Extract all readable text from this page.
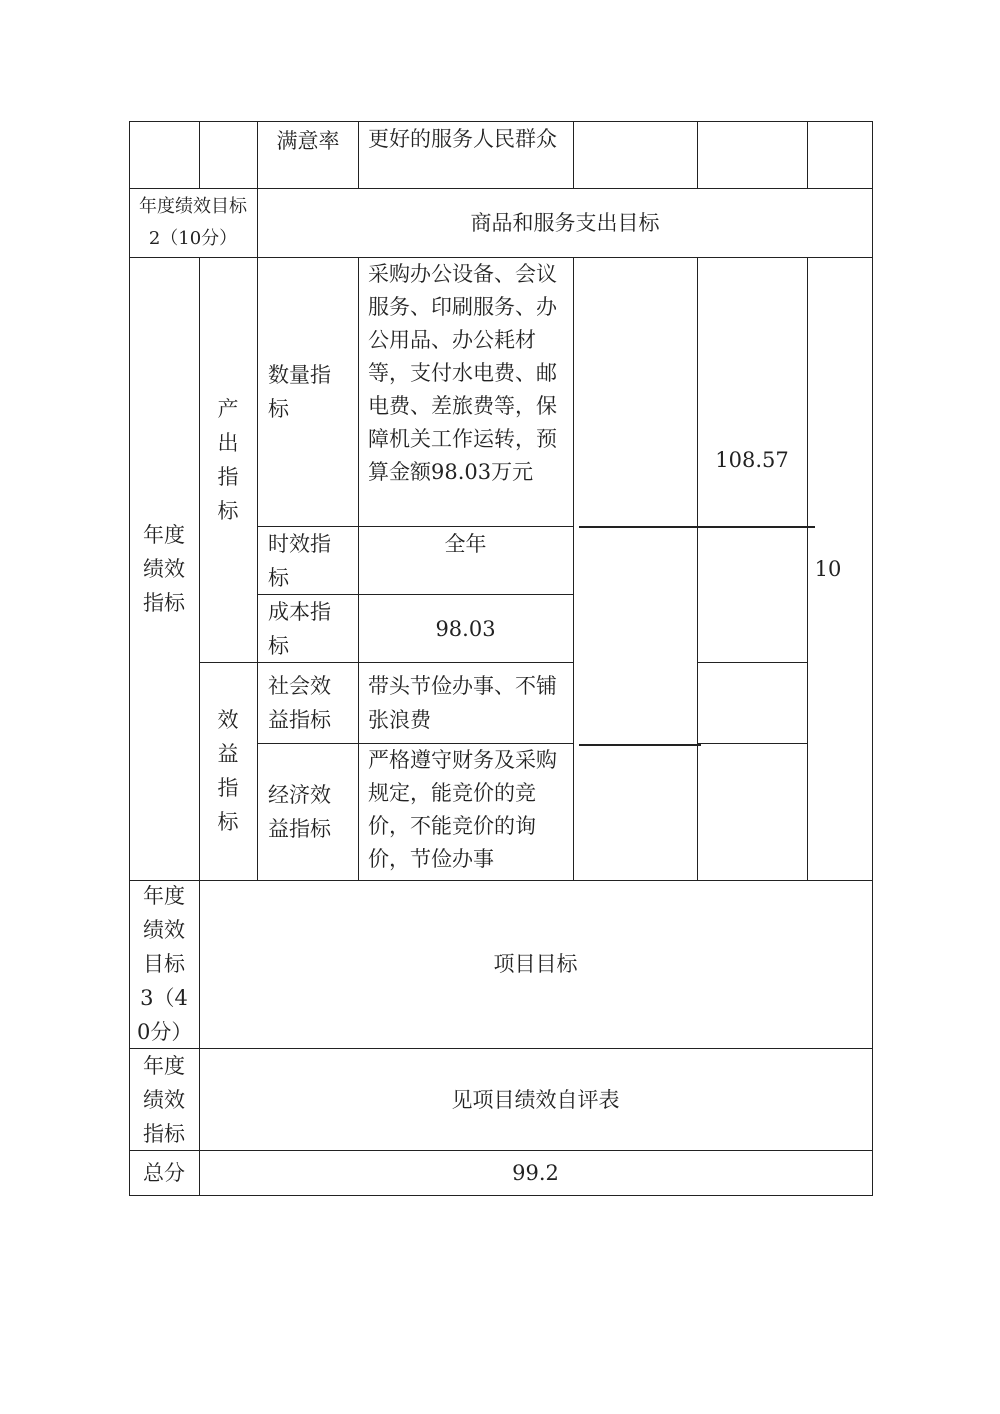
满意率	更好的服务人民群众
年度绩效目标2（10分）
商品和服务支出目标
年度绩效指标
产出指标
效益指标
数量指标
采购办公设备、会议服务、印刷服务、办公用品、办公耗材等，支付水电费、邮电费、差旅费等，保障机关工作运转，预算金额98.03万元
时效指标
全年
成本指标
98.03
社会效益指标
带头节俭办事、不铺张浪费
经济效益指标
严格遵守财务及采购规定，能竞价的竞价，不能竞价的询价，节俭办事
108.57
10
年度绩效目标3（40分）
项目目标
年度绩效指标
见项目绩效自评表
总分	99.2
